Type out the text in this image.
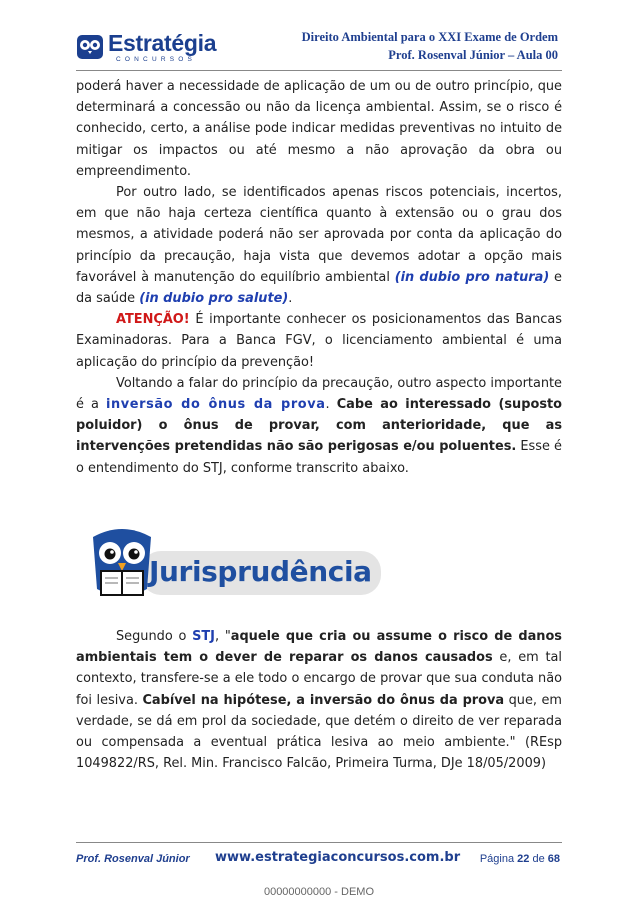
Estratégia
CONCURSOS
Direito Ambiental para o XXI Exame de Ordem
Prof. Rosenval Júnior – Aula 00

poderá haver a necessidade de aplicação de um ou de outro princípio, que determinará a concessão ou não da licença ambiental. Assim, se o risco é conhecido, certo, a análise pode indicar medidas preventivas no intuito de mitigar os impactos ou até mesmo a não aprovação da obra ou empreendimento.

Por outro lado, se identificados apenas riscos potenciais, incertos, em que não haja certeza científica quanto à extensão ou o grau dos mesmos, a atividade poderá não ser aprovada por conta da aplicação do princípio da precaução, haja vista que devemos adotar a opção mais favorável à manutenção do equilíbrio ambiental (in dubio pro natura) e da saúde (in dubio pro salute).

ATENÇÃO! É importante conhecer os posicionamentos das Bancas Examinadoras. Para a Banca FGV, o licenciamento ambiental é uma aplicação do princípio da prevenção!

Voltando a falar do princípio da precaução, outro aspecto importante é a inversão do ônus da prova. Cabe ao interessado (suposto poluidor) o ônus de provar, com anterioridade, que as intervenções pretendidas não são perigosas e/ou poluentes. Esse é o entendimento do STJ, conforme transcrito abaixo.

Jurisprudência

Segundo o STJ, "aquele que cria ou assume o risco de danos ambientais tem o dever de reparar os danos causados e, em tal contexto, transfere-se a ele todo o encargo de provar que sua conduta não foi lesiva. Cabível na hipótese, a inversão do ônus da prova que, em verdade, se dá em prol da sociedade, que detém o direito de ver reparada ou compensada a eventual prática lesiva ao meio ambiente." (REsp 1049822/RS, Rel. Min. Francisco Falcão, Primeira Turma, DJe 18/05/2009)

Prof. Rosenval Júnior www.estrategiaconcursos.com.br Página 22 de 68
00000000000 - DEMO
